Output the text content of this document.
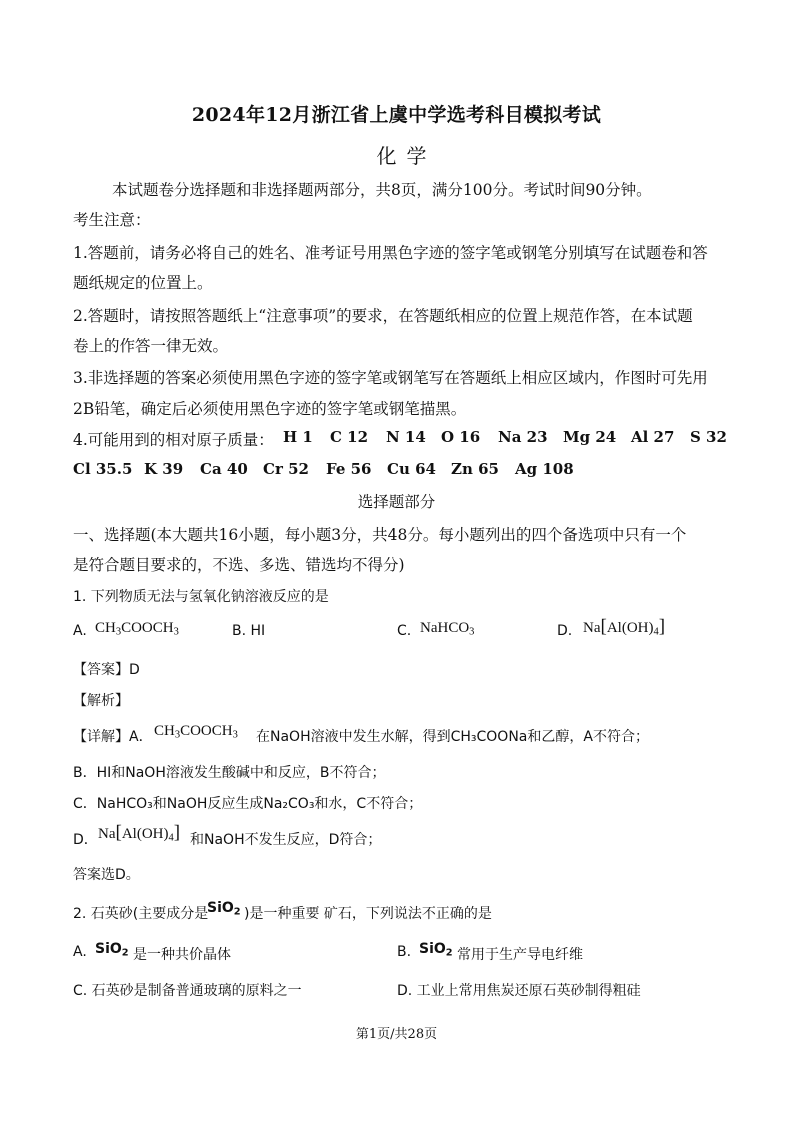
2024年12月浙江省上虞中学选考科目模拟考试
化学
本试题卷分选择题和非选择题两部分，共8页，满分100分。考试时间90分钟。
考生注意：
1.答题前，请务必将自己的姓名、准考证号用黑色字迹的签字笔或钢笔分别填写在试题卷和答
题纸规定的位置上。
2.答题时，请按照答题纸上“注意事项”的要求，在答题纸相应的位置上规范作答，在本试题
卷上的作答一律无效。
3.非选择题的答案必须使用黑色字迹的签字笔或钢笔写在答题纸上相应区域内，作图时可先用
2B铅笔，确定后必须使用黑色字迹的签字笔或钢笔描黑。
4.可能用到的相对原子质量： H 1 C 12 N 14 O 16 Na 23 Mg 24 Al 27 S 32
Cl 35.5 K 39 Ca 40 Cr 52 Fe 56 Cu 64 Zn 65 Ag 108
选择题部分
一、选择题(本大题共16小题，每小题3分，共48分。每小题列出的四个备选项中只有一个
是符合题目要求的，不选、多选、错选均不得分)
1. 下列物质无法与氢氧化钠溶液反应的是
A. $CH_3COOCH_3$	B. HI	C. NaHCO$_3$	D. $Na[Al(OH)_4]$
【答案】D
【解析】
【详解】A． $CH_3COOCH_3$ 在NaOH溶液中发生水解，得到CH₃COONa和乙醇，A不符合；
B．HI和NaOH溶液发生酸碱中和反应，B不符合；
C．NaHCO₃和NaOH反应生成Na₂CO₃和水，C不符合；
D． $Na[Al(OH)_4]$ 和NaOH不发生反应，D符合；
答案选D。
2. 石英砂(主要成分是
SiO$_2$ )是一种重要 矿石，下列说法不正确的是
A. SiO$_2$ 是一种共价晶体	B. SiO$_2$ 常用于生产导电纤维
C. 石英砂是制备普通玻璃的原料之一	D. 工业上常用焦炭还原石英砂制得粗硅
第1页/共28页
